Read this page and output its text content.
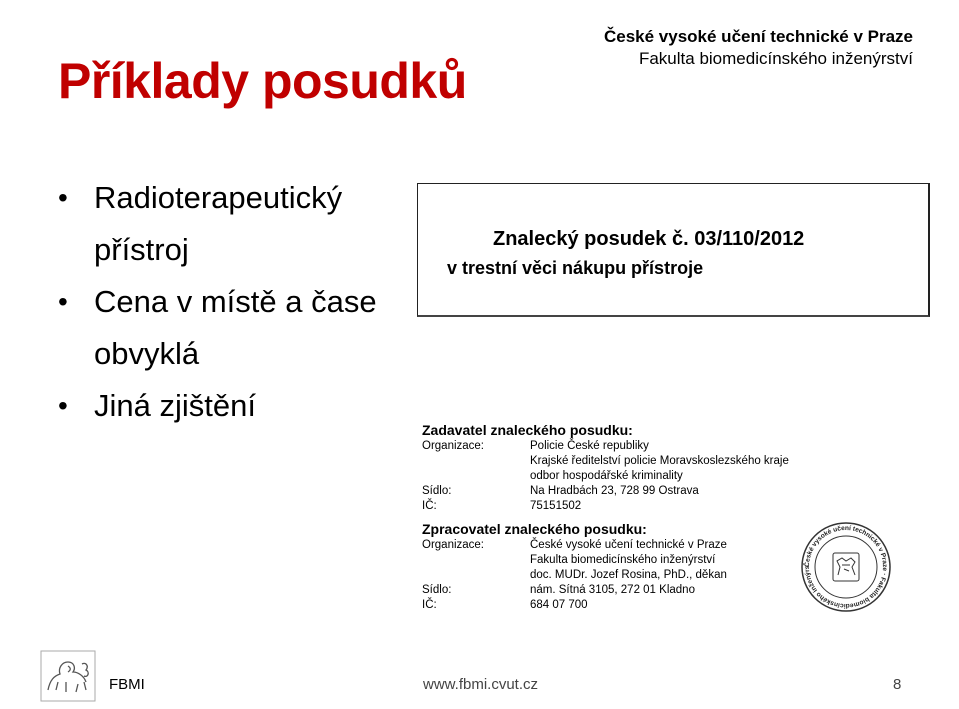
Příklady posudků
České vysoké učení technické v Praze
Fakulta biomedicínského inženýrství
• Radioterapeutický přístroj
• Cena v místě a čase obvyklá
• Jiná zjištění
Znalecký posudek č. 03/110/2012
v trestní věci nákupu přístroje
Zadavatel znaleckého posudku:
Organizace:	Policie České republiky
Krajské ředitelství policie Moravskoslezského kraje
odbor hospodářské kriminality
Sídlo:	Na Hradbách 23, 728 99 Ostrava
IČ:	75151502
Zpracovatel znaleckého posudku:
Organizace:	České vysoké učení technické v Praze
Fakulta biomedicínského inženýrství
doc. MUDr. Jozef Rosina, PhD., děkan
Sídlo:	nám. Sítná 3105, 272 01 Kladno
IČ:	684 07 700
České vysoké učení technické v Praze · Fakulta biomedicínského inženýrs
FBMI	www.fbmi.cvut.cz	8
